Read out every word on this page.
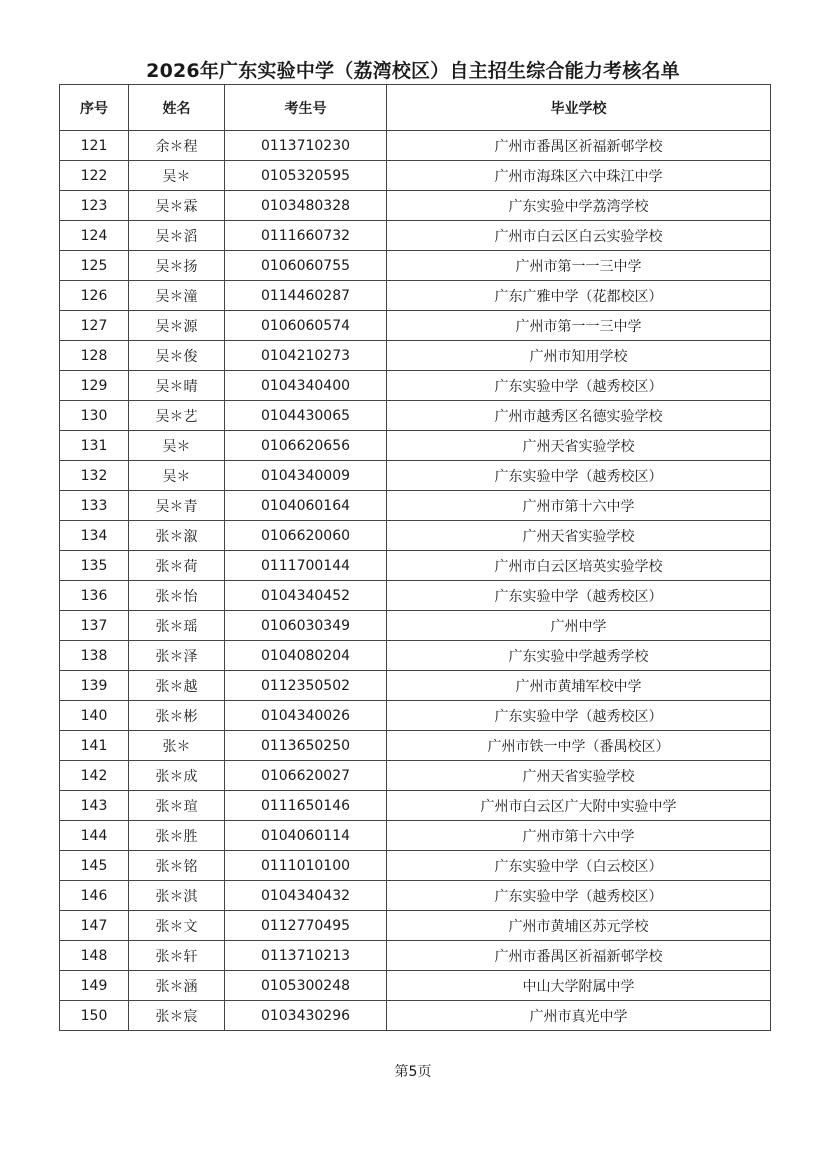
2026年广东实验中学（荔湾校区）自主招生综合能力考核名单
序号	姓名	考生号	毕业学校
121	余＊程	0113710230	广州市番禺区祈福新邨学校
122	吴＊	0105320595	广州市海珠区六中珠江中学
123	吴＊霖	0103480328	广东实验中学荔湾学校
124	吴＊滔	0111660732	广州市白云区白云实验学校
125	吴＊扬	0106060755	广州市第一一三中学
126	吴＊潼	0114460287	广东广雅中学（花都校区）
127	吴＊源	0106060574	广州市第一一三中学
128	吴＊俊	0104210273	广州市知用学校
129	吴＊晴	0104340400	广东实验中学（越秀校区）
130	吴＊艺	0104430065	广州市越秀区名德实验学校
131	吴＊	0106620656	广州天省实验学校
132	吴＊	0104340009	广东实验中学（越秀校区）
133	吴＊青	0104060164	广州市第十六中学
134	张＊溆	0106620060	广州天省实验学校
135	张＊荷	0111700144	广州市白云区培英实验学校
136	张＊怡	0104340452	广东实验中学（越秀校区）
137	张＊瑶	0106030349	广州中学
138	张＊泽	0104080204	广东实验中学越秀学校
139	张＊越	0112350502	广州市黄埔军校中学
140	张＊彬	0104340026	广东实验中学（越秀校区）
141	张＊	0113650250	广州市铁一中学（番禺校区）
142	张＊成	0106620027	广州天省实验学校
143	张＊瑄	0111650146	广州市白云区广大附中实验中学
144	张＊胜	0104060114	广州市第十六中学
145	张＊铭	0111010100	广东实验中学（白云校区）
146	张＊淇	0104340432	广东实验中学（越秀校区）
147	张＊文	0112770495	广州市黄埔区苏元学校
148	张＊轩	0113710213	广州市番禺区祈福新邨学校
149	张＊涵	0105300248	中山大学附属中学
150	张＊宸	0103430296	广州市真光中学
第5页
